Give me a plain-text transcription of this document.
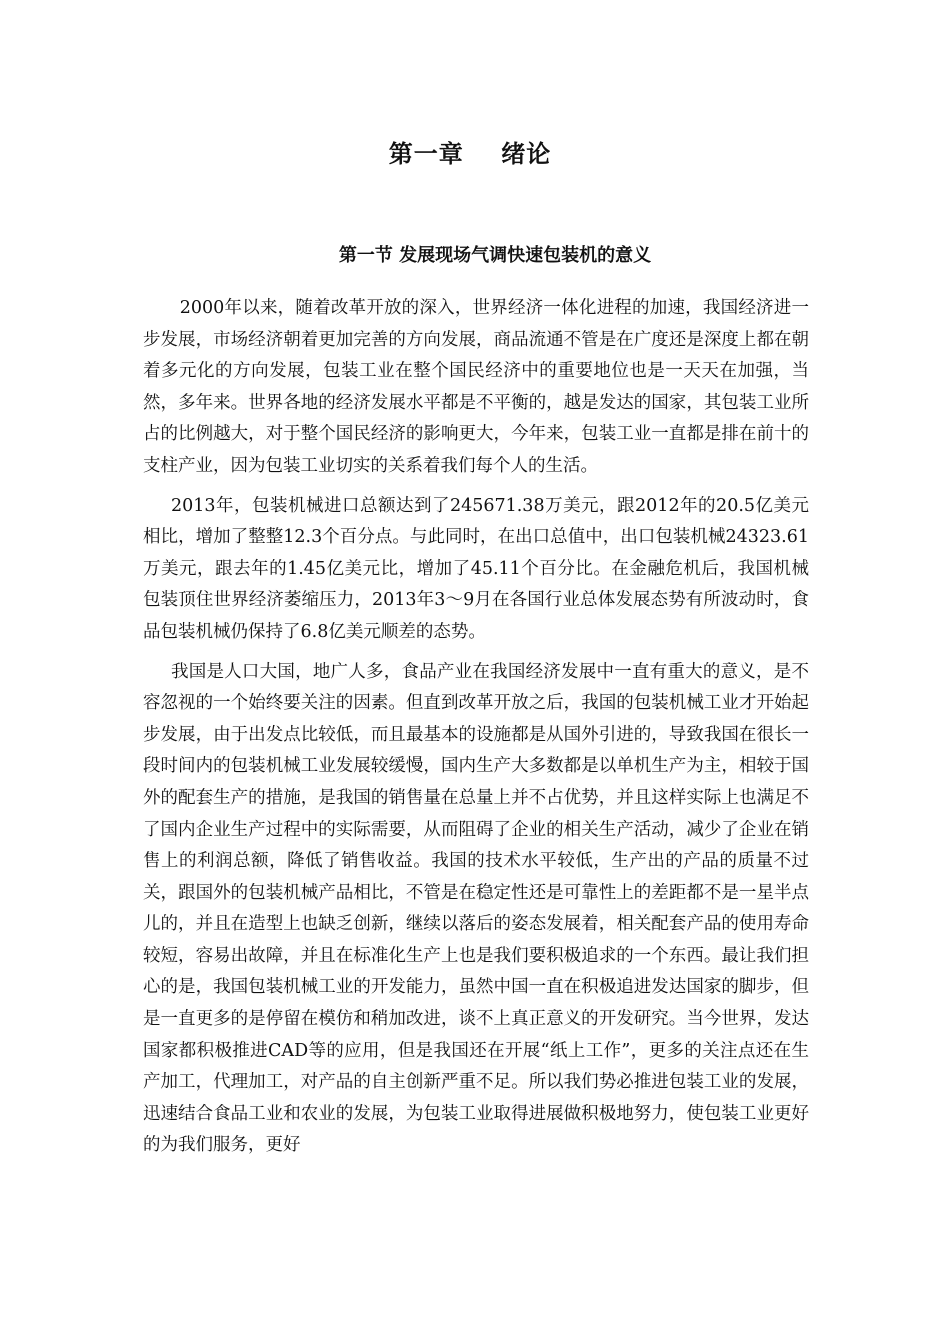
第一章    绪论
第一节 发展现场气调快速包装机的意义

2000年以来，随着改革开放的深入，世界经济一体化进程的加速，我国经济进一步发展，市场经济朝着更加完善的方向发展，商品流通不管是在广度还是深度上都在朝着多元化的方向发展，包装工业在整个国民经济中的重要地位也是一天天在加强，当然，多年来。世界各地的经济发展水平都是不平衡的，越是发达的国家，其包装工业所占的比例越大，对于整个国民经济的影响更大，今年来，包装工业一直都是排在前十的支柱产业，因为包装工业切实的关系着我们每个人的生活。

2013年，包装机械进口总额达到了245671.38万美元，跟2012年的20.5亿美元相比，增加了整整12.3个百分点。与此同时，在出口总值中，出口包装机械24323.61万美元，跟去年的1.45亿美元比，增加了45.11个百分比。在金融危机后，我国机械包装顶住世界经济萎缩压力，2013年3～9月在各国行业总体发展态势有所波动时，食品包装机械仍保持了6.8亿美元顺差的态势。

我国是人口大国，地广人多，食品产业在我国经济发展中一直有重大的意义，是不容忽视的一个始终要关注的因素。但直到改革开放之后，我国的包装机械工业才开始起步发展，由于出发点比较低，而且最基本的设施都是从国外引进的，导致我国在很长一段时间内的包装机械工业发展较缓慢，国内生产大多数都是以单机生产为主，相较于国外的配套生产的措施，是我国的销售量在总量上并不占优势，并且这样实际上也满足不了国内企业生产过程中的实际需要，从而阻碍了企业的相关生产活动，减少了企业在销售上的利润总额，降低了销售收益。我国的技术水平较低，生产出的产品的质量不过关，跟国外的包装机械产品相比，不管是在稳定性还是可靠性上的差距都不是一星半点儿的，并且在造型上也缺乏创新，继续以落后的姿态发展着，相关配套产品的使用寿命较短，容易出故障，并且在标准化生产上也是我们要积极追求的一个东西。最让我们担心的是，我国包装机械工业的开发能力，虽然中国一直在积极追进发达国家的脚步，但是一直更多的是停留在模仿和稍加改进，谈不上真正意义的开发研究。当今世界，发达国家都积极推进CAD等的应用，但是我国还在开展“纸上工作”，更多的关注点还在生产加工，代理加工，对产品的自主创新严重不足。所以我们势必推进包装工业的发展，迅速结合食品工业和农业的发展，为包装工业取得进展做积极地努力，使包装工业更好的为我们服务，更好
